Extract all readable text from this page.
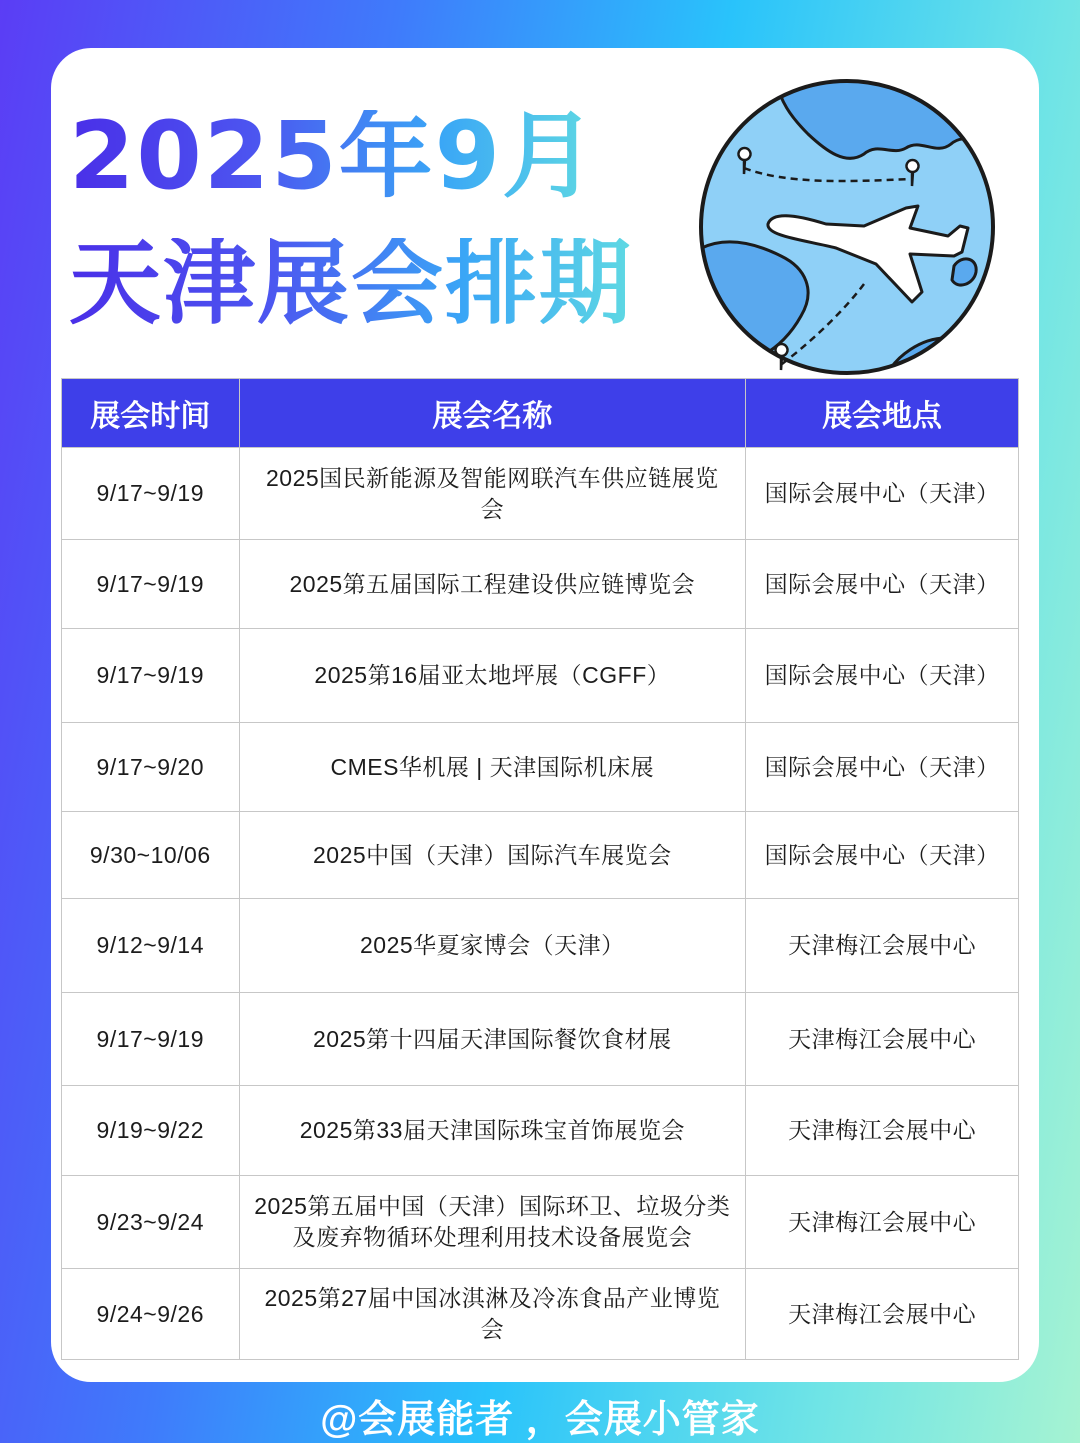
2025年9月
天津展会排期
展会时间	展会名称	展会地点
9/17~9/19	2025国民新能源及智能网联汽车供应链展览会	国际会展中心（天津）
9/17~9/19	2025第五届国际工程建设供应链博览会	国际会展中心（天津）
9/17~9/19	2025第16届亚太地坪展（CGFF）	国际会展中心（天津）
9/17~9/20	CMES华机展 | 天津国际机床展	国际会展中心（天津）
9/30~10/06	2025中国（天津）国际汽车展览会	国际会展中心（天津）
9/12~9/14	2025华夏家博会（天津）	天津梅江会展中心
9/17~9/19	2025第十四届天津国际餐饮食材展	天津梅江会展中心
9/19~9/22	2025第33届天津国际珠宝首饰展览会	天津梅江会展中心
9/23~9/24	2025第五届中国（天津）国际环卫、垃圾分类及废弃物循环处理利用技术设备展览会	天津梅江会展中心
9/24~9/26	2025第27届中国冰淇淋及冷冻食品产业博览会	天津梅江会展中心
@会展能者 ，会展小管家
